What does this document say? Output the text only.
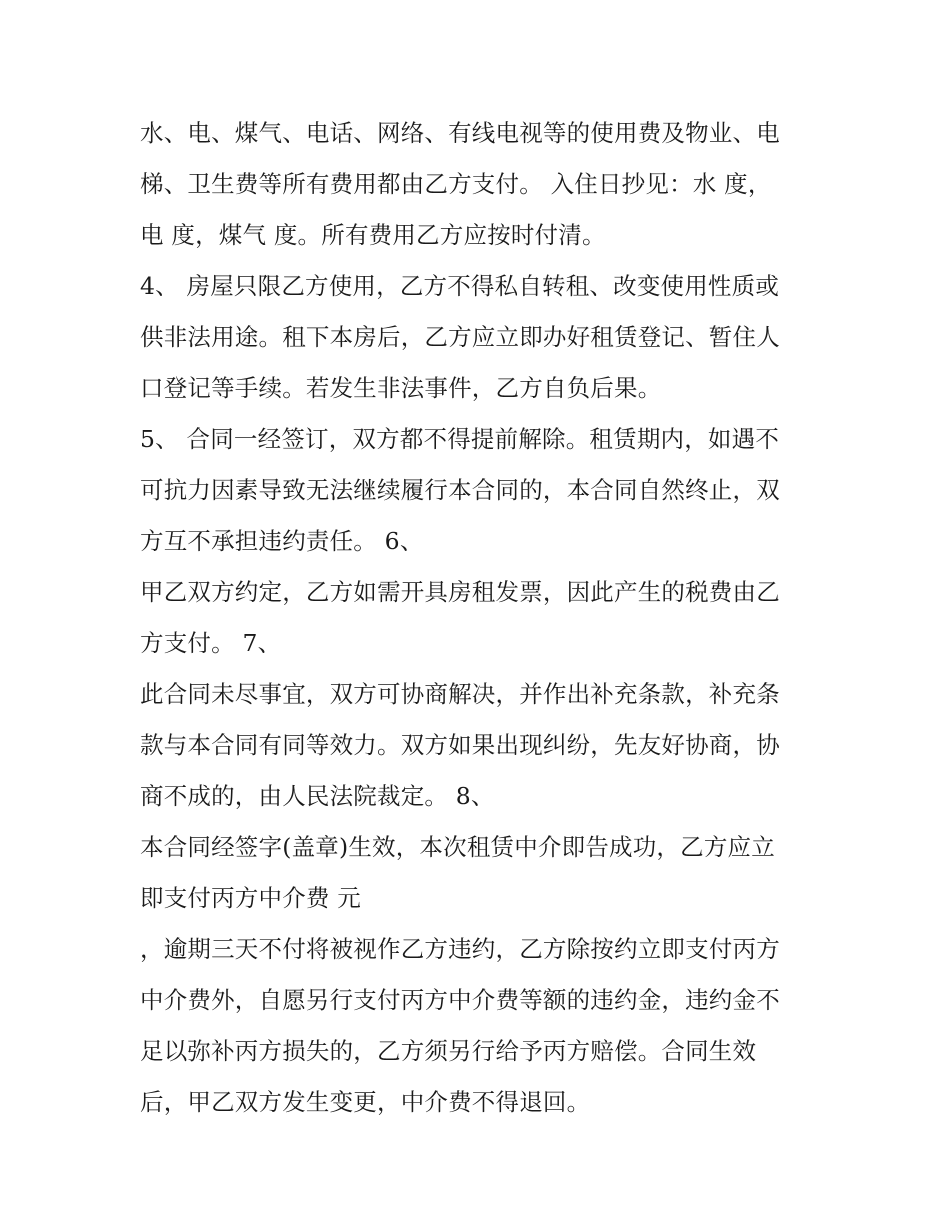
水、电、煤气、电话、网络、有线电视等的使用费及物业、电
梯、卫生费等所有费用都由乙方支付。 入住日抄见：水 度，
电 度，煤气 度。所有费用乙方应按时付清。
4、 房屋只限乙方使用，乙方不得私自转租、改变使用性质或
供非法用途。租下本房后，乙方应立即办好租赁登记、暂住人
口登记等手续。若发生非法事件，乙方自负后果。
5、 合同一经签订，双方都不得提前解除。租赁期内，如遇不
可抗力因素导致无法继续履行本合同的，本合同自然终止，双
方互不承担违约责任。 6、
甲乙双方约定，乙方如需开具房租发票，因此产生的税费由乙
方支付。 7、
此合同未尽事宜，双方可协商解决，并作出补充条款，补充条
款与本合同有同等效力。双方如果出现纠纷，先友好协商，协
商不成的，由人民法院裁定。 8、
本合同经签字(盖章)生效，本次租赁中介即告成功，乙方应立
即支付丙方中介费 元
，逾期三天不付将被视作乙方违约，乙方除按约立即支付丙方
中介费外，自愿另行支付丙方中介费等额的违约金，违约金不
足以弥补丙方损失的，乙方须另行给予丙方赔偿。合同生效
后，甲乙双方发生变更，中介费不得退回。
